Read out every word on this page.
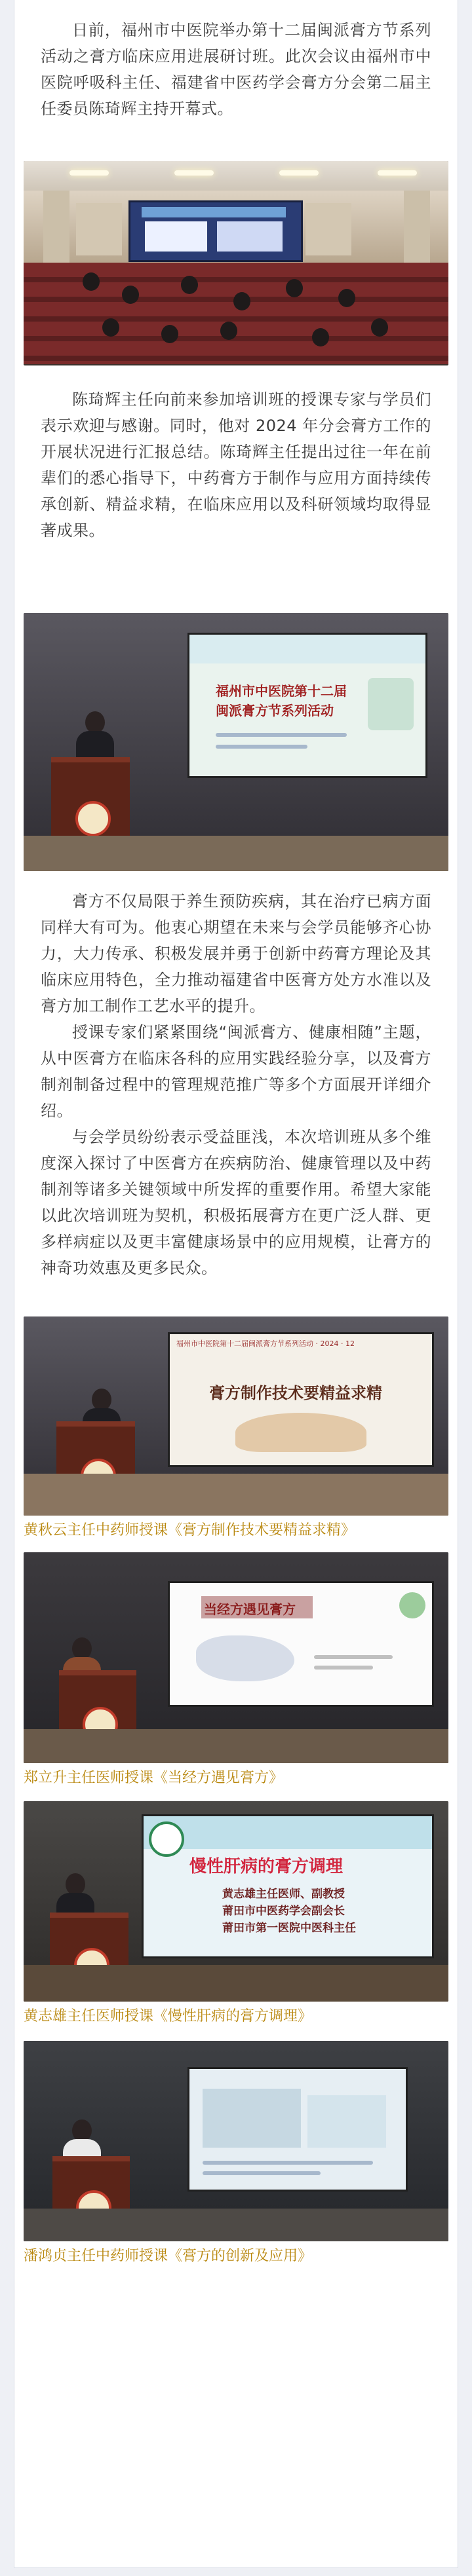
日前，福州市中医院举办第十二届闽派膏方节系列活动之膏方临床应用进展研讨班。此次会议由福州市中医院呼吸科主任、福建省中医药学会膏方分会第二届主任委员陈琦辉主持开幕式。

陈琦辉主任向前来参加培训班的授课专家与学员们表示欢迎与感谢。同时，他对 2024 年分会膏方工作的开展状况进行汇报总结。陈琦辉主任提出过往一年在前辈们的悉心指导下，中药膏方于制作与应用方面持续传承创新、精益求精，在临床应用以及科研领域均取得显著成果。

福州市中医院第十二届
闽派膏方节系列活动

膏方不仅局限于养生预防疾病，其在治疗已病方面同样大有可为。他衷心期望在未来与会学员能够齐心协力，大力传承、积极发展并勇于创新中药膏方理论及其临床应用特色，全力推动福建省中医膏方处方水准以及膏方加工制作工艺水平的提升。

授课专家们紧紧围绕“闽派膏方、健康相随”主题，从中医膏方在临床各科的应用实践经验分享，以及膏方制剂制备过程中的管理规范推广等多个方面展开详细介绍。

与会学员纷纷表示受益匪浅，本次培训班从多个维度深入探讨了中医膏方在疾病防治、健康管理以及中药制剂等诸多关键领域中所发挥的重要作用。希望大家能以此次培训班为契机，积极拓展膏方在更广泛人群、更多样病症以及更丰富健康场景中的应用规模，让膏方的神奇功效惠及更多民众。

福州市中医院第十二届闽派膏方节系列活动 · 2024 · 12
膏方制作技术要精益求精

黄秋云主任中药师授课《膏方制作技术要精益求精》

当经方遇见膏方

郑立升主任医师授课《当经方遇见膏方》

慢性肝病的膏方调理
黄志雄主任医师、副教授
莆田市中医药学会副会长
莆田市第一医院中医科主任

黄志雄主任医师授课《慢性肝病的膏方调理》

潘鸿贞主任中药师授课《膏方的创新及应用》
